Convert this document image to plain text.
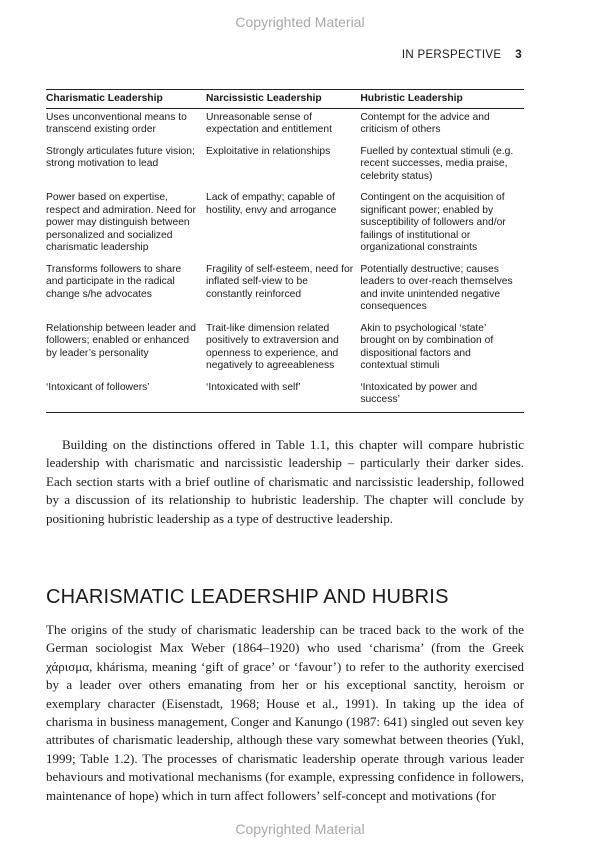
Copyrighted Material
IN PERSPECTIVE 3
Charismatic Leadership	Narcissistic Leadership	Hubristic Leadership
Uses unconventional means to transcend existing order	Unreasonable sense of expectation and entitlement	Contempt for the advice and criticism of others
Strongly articulates future vision; strong motivation to lead	Exploitative in relationships	Fuelled by contextual stimuli (e.g. recent successes, media praise, celebrity status)
Power based on expertise, respect and admiration. Need for power may distinguish between personalized and socialized charismatic leadership	Lack of empathy; capable of hostility, envy and arrogance	Contingent on the acquisition of significant power; enabled by susceptibility of followers and/or failings of institutional or organizational constraints
Transforms followers to share and participate in the radical change s/he advocates	Fragility of self-esteem, need for inflated self-view to be constantly reinforced	Potentially destructive; causes leaders to over-reach themselves and invite unintended negative consequences
Relationship between leader and followers; enabled or enhanced by leader’s personality	Trait-like dimension related positively to extraversion and openness to experience, and negatively to agreeableness	Akin to psychological ‘state’ brought on by combination of dispositional factors and contextual stimuli
‘Intoxicant of followers’	‘Intoxicated with self’	‘Intoxicated by power and success’

Building on the distinctions offered in Table 1.1, this chapter will compare hubristic leadership with charismatic and narcissistic leadership – particularly their darker sides. Each section starts with a brief outline of charismatic and narcissistic leadership, followed by a discussion of its relationship to hubristic leadership. The chapter will conclude by positioning hubristic leadership as a type of destructive leadership.

CHARISMATIC LEADERSHIP AND HUBRIS

The origins of the study of charismatic leadership can be traced back to the work of the German sociologist Max Weber (1864–1920) who used ‘charisma’ (from the Greek χάρισμα, khárisma, meaning ‘gift of grace’ or ‘favour’) to refer to the authority exercised by a leader over others emanating from her or his exceptional sanctity, heroism or exemplary character (Eisenstadt, 1968; House et al., 1991). In taking up the idea of charisma in business management, Conger and Kanungo (1987: 641) singled out seven key attributes of charismatic leadership, although these vary somewhat between theories (Yukl, 1999; Table 1.2). The processes of charismatic leadership operate through various leader behaviours and motivational mechanisms (for example, expressing confidence in followers, maintenance of hope) which in turn affect followers’ self-concept and motivations (for

Copyrighted Material
